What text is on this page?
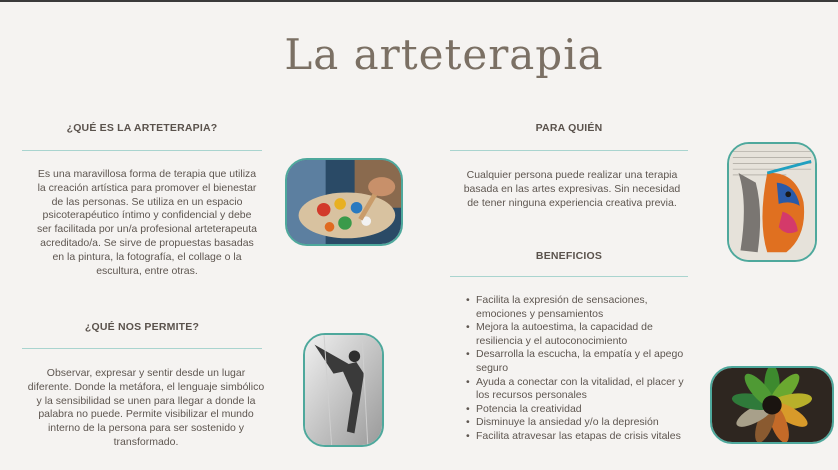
La arteterapia
¿QUÉ ES LA ARTETERAPIA?
Es una maravillosa forma de terapia que utiliza la creación artística para promover el bienestar de las personas. Se utiliza en un espacio psicoterapéutico íntimo y confidencial y debe ser facilitada por un/a profesional arteterapeuta acreditado/a. Se sirve de propuestas basadas en la pintura, la fotografía, el collage o la escultura, entre otras.
¿QUÉ NOS PERMITE?
Observar, expresar y sentir desde un lugar diferente. Donde la metáfora, el lenguaje simbólico y la sensibilidad se unen para llegar a donde la palabra no puede. Permite visibilizar el mundo interno de la persona para ser sostenido y transformado.
PARA QUIÉN
Cualquier persona puede realizar una terapia basada en las artes expresivas. Sin necesidad de tener ninguna experiencia creativa previa.
BENEFICIOS
• Facilita la expresión de sensaciones, emociones y pensamientos
• Mejora la autoestima, la capacidad de resiliencia y el autoconocimiento
• Desarrolla la escucha, la empatía y el apego seguro
• Ayuda a conectar con la vitalidad, el placer y los recursos personales
• Potencia la creatividad
• Disminuye la ansiedad y/o la depresión
• Facilita atravesar las etapas de crisis vitales
